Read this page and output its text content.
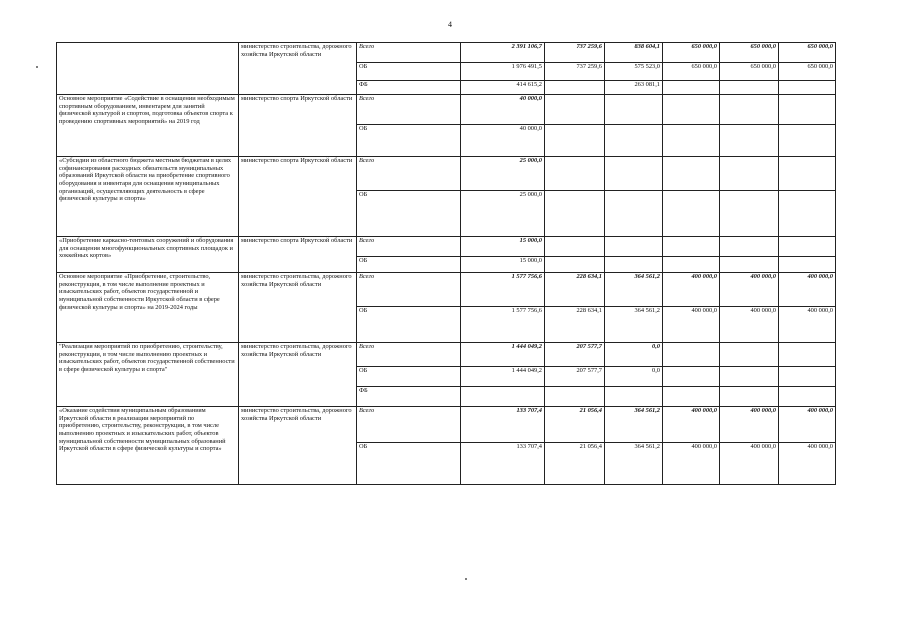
4
	министерство строительства, дорожного хозяйства Иркутской области	Всего	2 391 106,7	737 259,6	838 604,1	650 000,0	650 000,0	650 000,0
		ОБ	1 976 491,5	737 259,6	575 523,0	650 000,0	650 000,0	650 000,0
		ФБ	414 615,2		263 081,1			
Основное мероприятие «Содействие в оснащении необходимым спортивным оборудованием, инвентарем для занятий физической культурой и спортом, подготовка объектов спорта к проведению спортивных мероприятий» на 2019 год	министерство спорта Иркутской области	Всего	40 000,0					
		ОБ	40 000,0					
«Субсидии из областного бюджета местным бюджетам в целях софинансирования расходных обязательств муниципальных образований Иркутской области на приобретение спортивного оборудования и инвентаря для оснащения муниципальных организаций, осуществляющих деятельность в сфере физической культуры и спорта»	министерство спорта Иркутской области	Всего	25 000,0					
		ОБ	25 000,0					
«Приобретение каркасно-тентовых сооружений и оборудования для оснащения многофункциональных спортивных площадок и хоккейных кортов»	министерство спорта Иркутской области	Всего	15 000,0					
		ОБ	15 000,0					
Основное мероприятие «Приобретение, строительство, реконструкция, в том числе выполнение проектных и изыскательских работ, объектов государственной и муниципальной собственности Иркутской области в сфере физической культуры и спорта» на 2019-2024 годы	министерство строительства, дорожного хозяйства Иркутской области	Всего	1 577 756,6	228 634,1	364 561,2	400 000,0	400 000,0	400 000,0
		ОБ	1 577 756,6	228 634,1	364 561,2	400 000,0	400 000,0	400 000,0
"Реализация мероприятий по приобретению, строительству, реконструкции, в том числе выполнению проектных и изыскательских работ, объектов государственной собственности в сфере физической культуры и спорта"	министерство строительства, дорожного хозяйства Иркутской области	Всего	1 444 049,2	207 577,7	0,0			
		ОБ	1 444 049,2	207 577,7	0,0			
		ФБ						
«Оказание содействия муниципальным образованиям Иркутской области в реализации мероприятий по приобретению, строительству, реконструкции, в том числе выполнению проектных и изыскательских работ, объектов муниципальной собственности муниципальных образований Иркутской области в сфере физической культуры и спорта»	министерство строительства, дорожного хозяйства Иркутской области	Всего	133 707,4	21 056,4	364 561,2	400 000,0	400 000,0	400 000,0
		ОБ	133 707,4	21 056,4	364 561,2	400 000,0	400 000,0	400 000,0
